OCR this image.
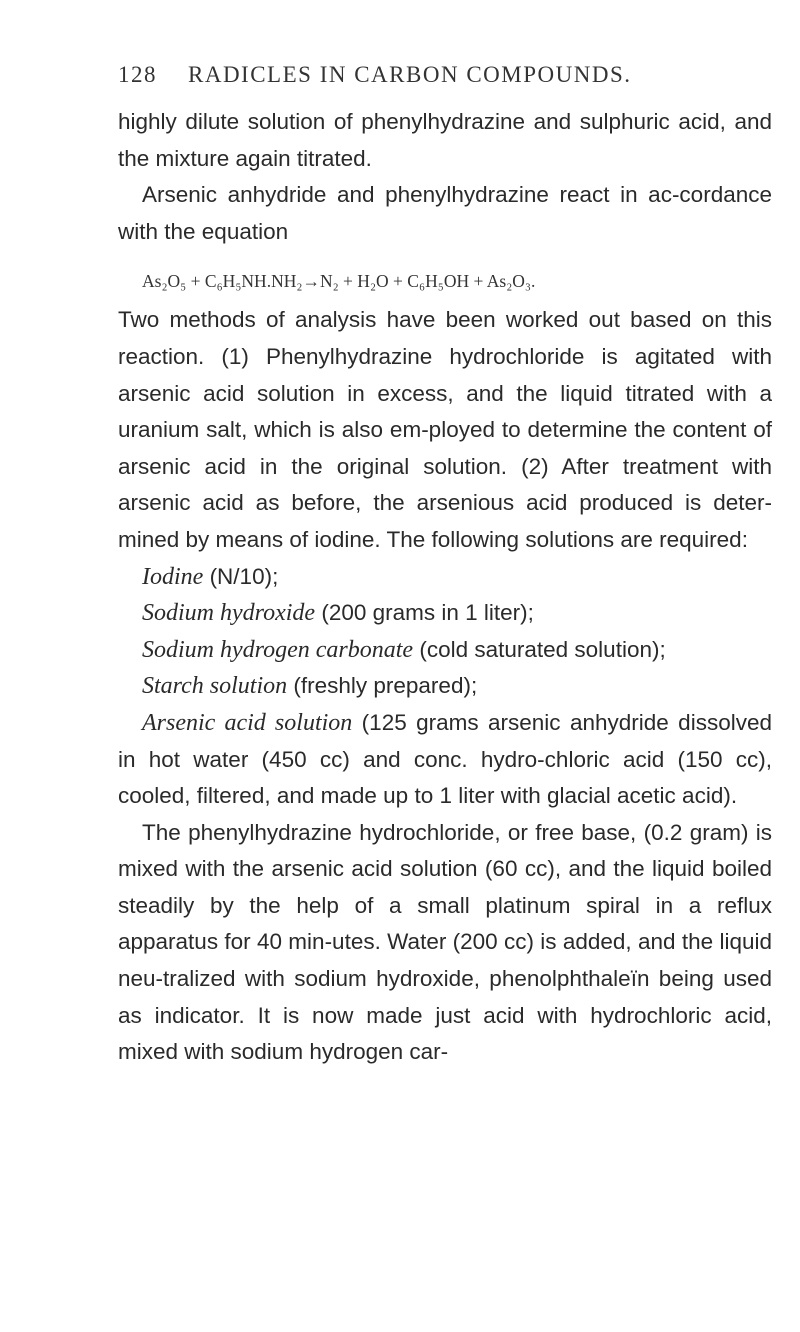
128 RADICLES IN CARBON COMPOUNDS.

highly dilute solution of phenylhydrazine and sulphuric acid, and the mixture again titrated.

Arsenic anhydride and phenylhydrazine react in ac-cordance with the equation

As₂O₅ + C₆H₅NH.NH₂→N₂ + H₂O + C₆H₅OH + As₂O₃.

Two methods of analysis have been worked out based on this reaction. (1) Phenylhydrazine hydrochloride is agitated with arsenic acid solution in excess, and the liquid titrated with a uranium salt, which is also em-ployed to determine the content of arsenic acid in the original solution. (2) After treatment with arsenic acid as before, the arsenious acid produced is deter-mined by means of iodine. The following solutions are required:

Iodine (N/10);

Sodium hydroxide (200 grams in 1 liter);

Sodium hydrogen carbonate (cold saturated solution);

Starch solution (freshly prepared);

Arsenic acid solution (125 grams arsenic anhydride dissolved in hot water (450 cc) and conc. hydro-chloric acid (150 cc), cooled, filtered, and made up to 1 liter with glacial acetic acid).

The phenylhydrazine hydrochloride, or free base, (0.2 gram) is mixed with the arsenic acid solution (60 cc), and the liquid boiled steadily by the help of a small platinum spiral in a reflux apparatus for 40 min-utes. Water (200 cc) is added, and the liquid neu-tralized with sodium hydroxide, phenolphthaleïn being used as indicator. It is now made just acid with hydrochloric acid, mixed with sodium hydrogen car-
